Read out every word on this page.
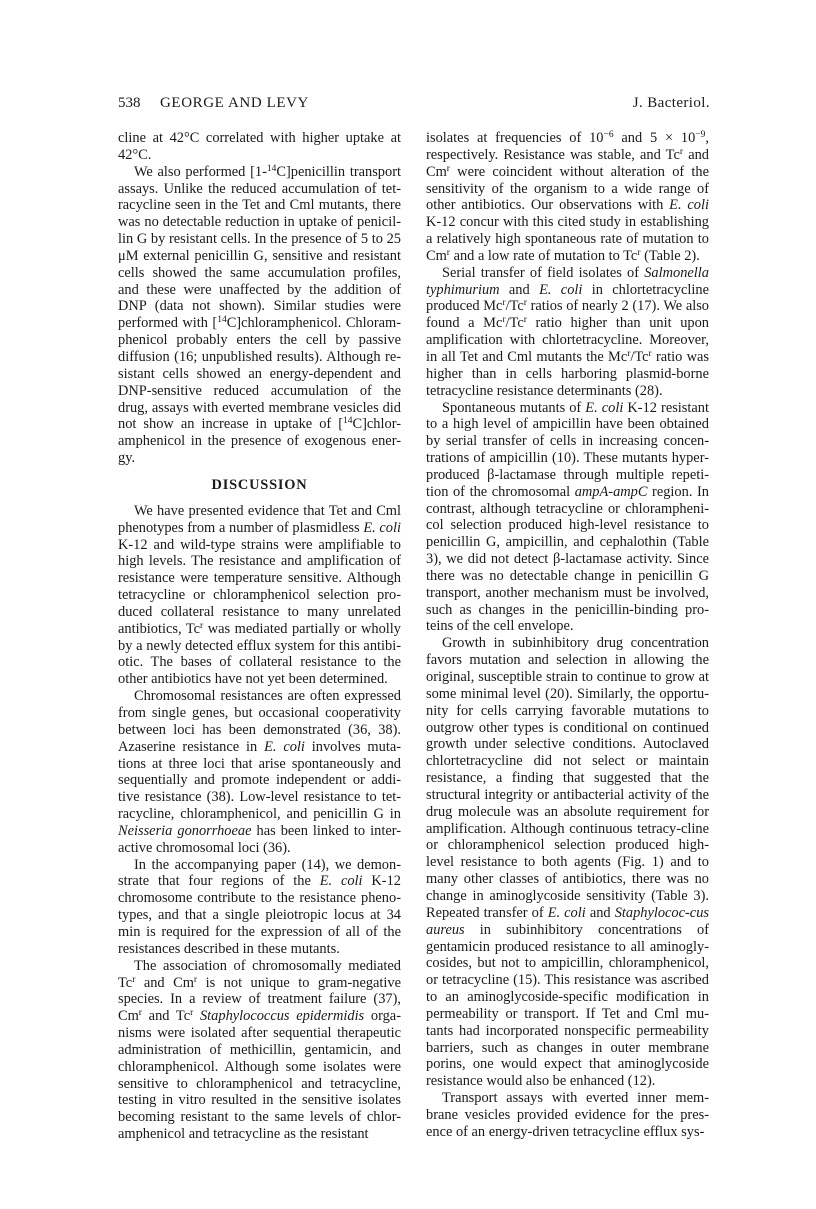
538 GEORGE AND LEVY	J. Bacteriol.

cline at 42°C correlated with higher uptake at 42°C.

We also performed [1-$^{14}$C]penicillin transport assays. Unlike the reduced accumulation of tet-racycline seen in the Tet and Cml mutants, there was no detectable reduction in uptake of penicil-lin G by resistant cells. In the presence of 5 to 25 μM external penicillin G, sensitive and resistant cells showed the same accumulation profiles, and these were unaffected by the addition of DNP (data not shown). Similar studies were performed with [$^{14}$C]chloramphenicol. Chloram-phenicol probably enters the cell by passive diffusion (16; unpublished results). Although re-sistant cells showed an energy-dependent and DNP-sensitive reduced accumulation of the drug, assays with everted membrane vesicles did not show an increase in uptake of [$^{14}$C]chlor-amphenicol in the presence of exogenous ener-gy.

DISCUSSION

We have presented evidence that Tet and Cml phenotypes from a number of plasmidless E. coli K-12 and wild-type strains were amplifiable to high levels. The resistance and amplification of resistance were temperature sensitive. Although tetracycline or chloramphenicol selection pro-duced collateral resistance to many unrelated antibiotics, Tc$^r$ was mediated partially or wholly by a newly detected efflux system for this antibi-otic. The bases of collateral resistance to the other antibiotics have not yet been determined.

Chromosomal resistances are often expressed from single genes, but occasional cooperativity between loci has been demonstrated (36, 38). Azaserine resistance in E. coli involves muta-tions at three loci that arise spontaneously and sequentially and promote independent or addi-tive resistance (38). Low-level resistance to tet-racycline, chloramphenicol, and penicillin G in Neisseria gonorrhoeae has been linked to inter-active chromosomal loci (36).

In the accompanying paper (14), we demon-strate that four regions of the E. coli K-12 chromosome contribute to the resistance pheno-types, and that a single pleiotropic locus at 34 min is required for the expression of all of the resistances described in these mutants.

The association of chromosomally mediated Tc$^r$ and Cm$^r$ is not unique to gram-negative species. In a review of treatment failure (37), Cm$^r$ and Tc$^r$ Staphylococcus epidermidis orga-nisms were isolated after sequential therapeutic administration of methicillin, gentamicin, and chloramphenicol. Although some isolates were sensitive to chloramphenicol and tetracycline, testing in vitro resulted in the sensitive isolates becoming resistant to the same levels of chlor-amphenicol and tetracycline as the resistant

isolates at frequencies of $10^{-6}$ and $5 \times 10^{-9}$, respectively. Resistance was stable, and Tc$^r$ and Cm$^r$ were coincident without alteration of the sensitivity of the organism to a wide range of other antibiotics. Our observations with E. coli K-12 concur with this cited study in establishing a relatively high spontaneous rate of mutation to Cm$^r$ and a low rate of mutation to Tc$^r$ (Table 2).

Serial transfer of field isolates of Salmonella typhimurium and E. coli in chlortetracycline produced Mc$^r$/Tc$^r$ ratios of nearly 2 (17). We also found a Mc$^r$/Tc$^r$ ratio higher than unit upon amplification with chlortetracycline. Moreover, in all Tet and Cml mutants the Mc$^r$/Tc$^r$ ratio was higher than in cells harboring plasmid-borne tetracycline resistance determinants (28).

Spontaneous mutants of E. coli K-12 resistant to a high level of ampicillin have been obtained by serial transfer of cells in increasing concen-trations of ampicillin (10). These mutants hyper-produced β-lactamase through multiple repeti-tion of the chromosomal ampA-ampC region. In contrast, although tetracycline or chlorampheni-col selection produced high-level resistance to penicillin G, ampicillin, and cephalothin (Table 3), we did not detect β-lactamase activity. Since there was no detectable change in penicillin G transport, another mechanism must be involved, such as changes in the penicillin-binding pro-teins of the cell envelope.

Growth in subinhibitory drug concentration favors mutation and selection in allowing the original, susceptible strain to continue to grow at some minimal level (20). Similarly, the opportu-nity for cells carrying favorable mutations to outgrow other types is conditional on continued growth under selective conditions. Autoclaved chlortetracycline did not select or maintain resistance, a finding that suggested that the structural integrity or antibacterial activity of the drug molecule was an absolute requirement for amplification. Although continuous tetracy-cline or chloramphenicol selection produced high-level resistance to both agents (Fig. 1) and to many other classes of antibiotics, there was no change in aminoglycoside sensitivity (Table 3). Repeated transfer of E. coli and Staphylococ-cus aureus in subinhibitory concentrations of gentamicin produced resistance to all aminogly-cosides, but not to ampicillin, chloramphenicol, or tetracycline (15). This resistance was ascribed to an aminoglycoside-specific modification in permeability or transport. If Tet and Cml mu-tants had incorporated nonspecific permeability barriers, such as changes in outer membrane porins, one would expect that aminoglycoside resistance would also be enhanced (12).

Transport assays with everted inner mem-brane vesicles provided evidence for the pres-ence of an energy-driven tetracycline efflux sys-
